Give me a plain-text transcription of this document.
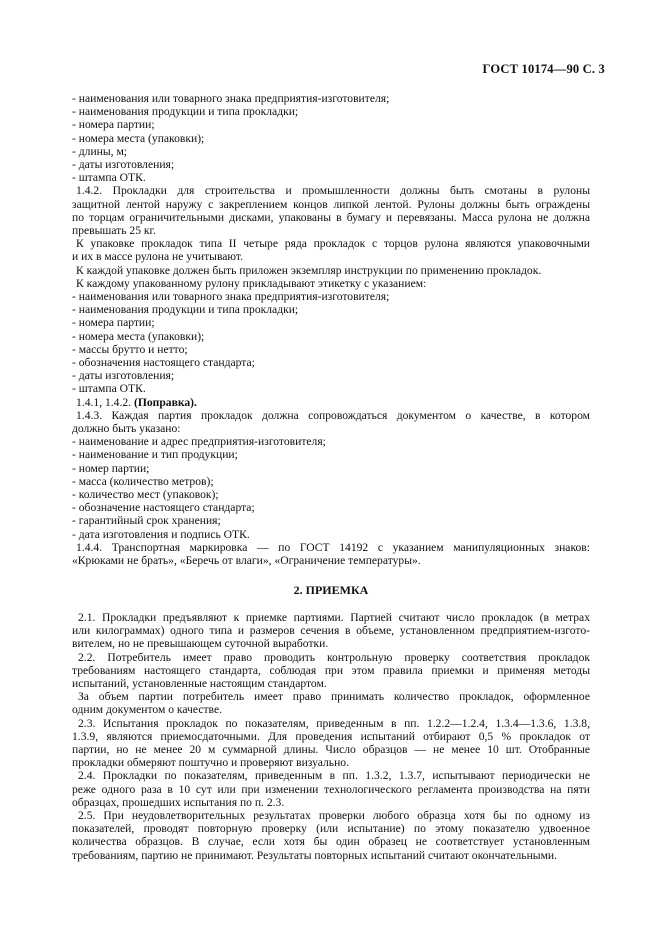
ГОСТ 10174—90 С. 3
- наименования или товарного знака предприятия-изготовителя;
- наименования продукции и типа прокладки;
- номера партии;
- номера места (упаковки);
- длины, м;
- даты изготовления;
- штампа ОТК.
1.4.2. Прокладки для строительства и промышленности должны быть смотаны в рулоны
защитной лентой наружу с закреплением концов липкой лентой. Рулоны должны быть ограждены
по торцам ограничительными дисками, упакованы в бумагу и перевязаны. Масса рулона не должна
превышать 25 кг.
К упаковке прокладок типа II четыре ряда прокладок с торцов рулона являются упаковочными
и их в массе рулона не учитывают.
К каждой упаковке должен быть приложен экземпляр инструкции по применению прокладок.
К каждому упакованному рулону прикладывают этикетку с указанием:
- наименования или товарного знака предприятия-изготовителя;
- наименования продукции и типа прокладки;
- номера партии;
- номера места (упаковки);
- массы брутто и нетто;
- обозначения настоящего стандарта;
- даты изготовления;
- штампа ОТК.
1.4.1, 1.4.2. (Поправка).
1.4.3. Каждая партия прокладок должна сопровождаться документом о качестве, в котором
должно быть указано:
- наименование и адрес предприятия-изготовителя;
- наименование и тип продукции;
- номер партии;
- масса (количество метров);
- количество мест (упаковок);
- обозначение настоящего стандарта;
- гарантийный срок хранения;
- дата изготовления и подпись ОТК.
1.4.4. Транспортная маркировка — по ГОСТ 14192 с указанием манипуляционных знаков:
«Крюками не брать», «Беречь от влаги», «Ограничение температуры».
2. ПРИЕМКА
2.1. Прокладки предъявляют к приемке партиями. Партией считают число прокладок (в метрах
или килограммах) одного типа и размеров сечения в объеме, установленном предприятием-изгото-
вителем, но не превышающем суточной выработки.
2.2. Потребитель имеет право проводить контрольную проверку соответствия прокладок
требованиям настоящего стандарта, соблюдая при этом правила приемки и применяя методы
испытаний, установленные настоящим стандартом.
За объем партии потребитель имеет право принимать количество прокладок, оформленное
одним документом о качестве.
2.3. Испытания прокладок по показателям, приведенным в пп. 1.2.2—1.2.4, 1.3.4—1.3.6, 1.3.8,
1.3.9, являются приемосдаточными. Для проведения испытаний отбирают 0,5 % прокладок от
партии, но не менее 20 м суммарной длины. Число образцов — не менее 10 шт. Отобранные
прокладки обмеряют поштучно и проверяют визуально.
2.4. Прокладки по показателям, приведенным в пп. 1.3.2, 1.3.7, испытывают периодически не
реже одного раза в 10 сут или при изменении технологического регламента производства на пяти
образцах, прошедших испытания по п. 2.3.
2.5. При неудовлетворительных результатах проверки любого образца хотя бы по одному из
показателей, проводят повторную проверку (или испытание) по этому показателю удвоенное
количества образцов. В случае, если хотя бы один образец не соответствует установленным
требованиям, партию не принимают. Результаты повторных испытаний считают окончательными.
